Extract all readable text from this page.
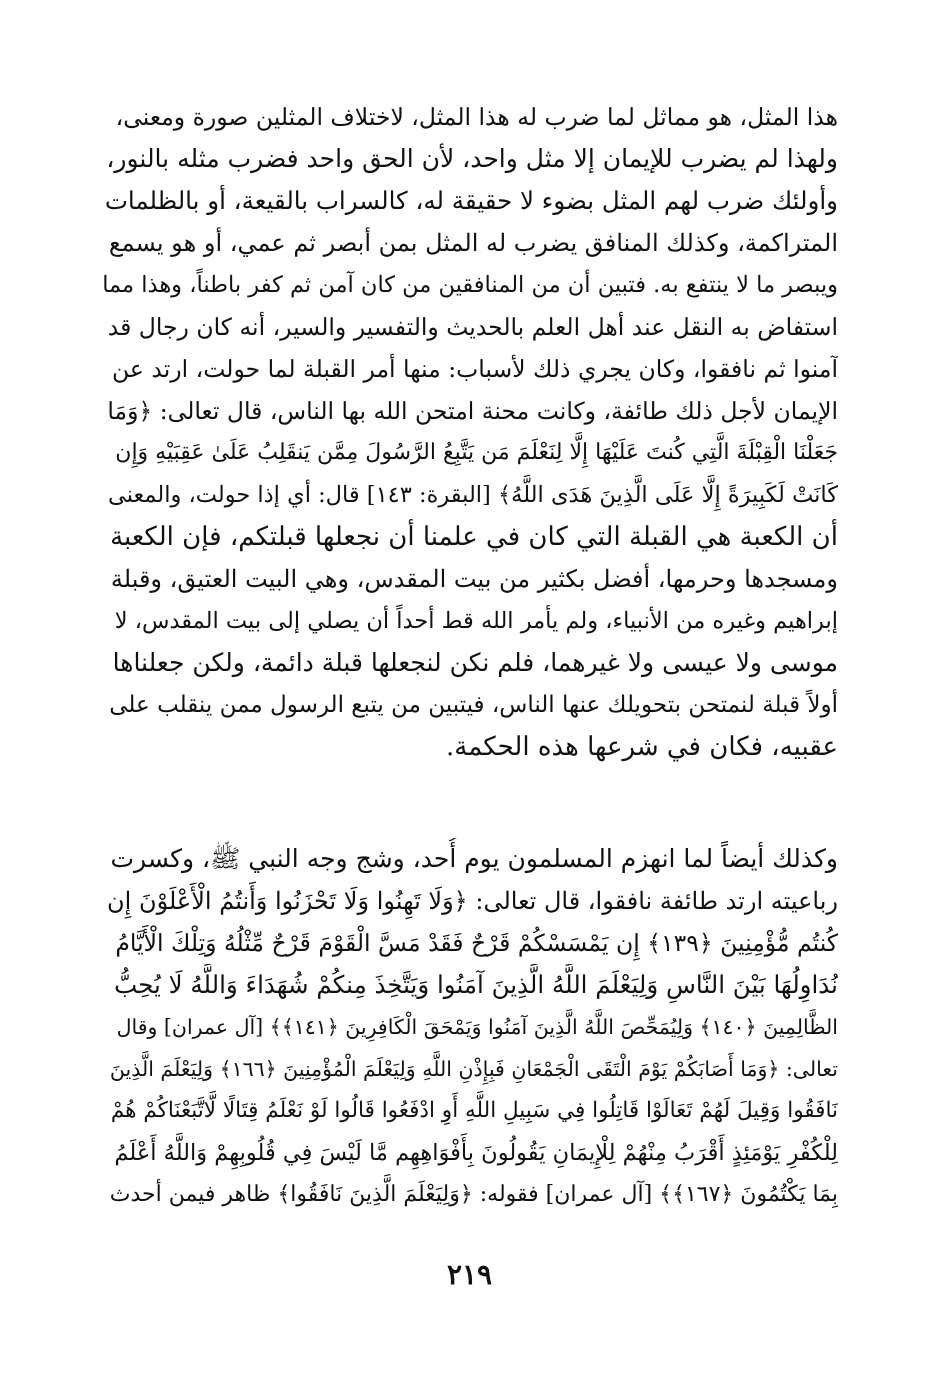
هذا المثل، هو مماثل لما ضرب له هذا المثل، لاختلاف المثلين صورة ومعنى،
ولهذا لم يضرب للإيمان إلا مثل واحد، لأن الحق واحد فضرب مثله بالنور،
وأولئك ضرب لهم المثل بضوء لا حقيقة له، كالسراب بالقيعة، أو بالظلمات
المتراكمة، وكذلك المنافق يضرب له المثل بمن أبصر ثم عمي، أو هو يسمع
ويبصر ما لا ينتفع به. فتبين أن من المنافقين من كان آمن ثم كفر باطناً، وهذا مما
استفاض به النقل عند أهل العلم بالحديث والتفسير والسير، أنه كان رجال قد
آمنوا ثم نافقوا، وكان يجري ذلك لأسباب: منها أمر القبلة لما حولت، ارتد عن
الإيمان لأجل ذلك طائفة، وكانت محنة امتحن الله بها الناس، قال تعالى: ﴿وَمَا
جَعَلْنَا الْقِبْلَةَ الَّتِي كُنتَ عَلَيْهَا إِلَّا لِنَعْلَمَ مَن يَتَّبِعُ الرَّسُولَ مِمَّن يَنقَلِبُ عَلَىٰ عَقِبَيْهِ وَإِن
كَانَتْ لَكَبِيرَةً إِلَّا عَلَى الَّذِينَ هَدَى اللَّهُ﴾ [البقرة: ١٤٣] قال: أي إذا حولت، والمعنى
أن الكعبة هي القبلة التي كان في علمنا أن نجعلها قبلتكم، فإن الكعبة
ومسجدها وحرمها، أفضل بكثير من بيت المقدس، وهي البيت العتيق، وقبلة
إبراهيم وغيره من الأنبياء، ولم يأمر الله قط أحداً أن يصلي إلى بيت المقدس، لا
موسى ولا عيسى ولا غيرهما، فلم نكن لنجعلها قبلة دائمة، ولكن جعلناها
أولاً قبلة لنمتحن بتحويلك عنها الناس، فيتبين من يتبع الرسول ممن ينقلب على
عقبيه، فكان في شرعها هذه الحكمة.
وكذلك أيضاً لما انهزم المسلمون يوم أُحد، وشج وجه النبي ﷺ، وكسرت
رباعيته ارتد طائفة نافقوا، قال تعالى: ﴿وَلَا تَهِنُوا وَلَا تَحْزَنُوا وَأَنتُمُ الْأَعْلَوْنَ إِن
كُنتُم مُّؤْمِنِينَ ﴿١٣٩﴾ إِن يَمْسَسْكُمْ قَرْحٌ فَقَدْ مَسَّ الْقَوْمَ قَرْحٌ مِّثْلُهُ وَتِلْكَ الْأَيَّامُ
نُدَاوِلُهَا بَيْنَ النَّاسِ وَلِيَعْلَمَ اللَّهُ الَّذِينَ آمَنُوا وَيَتَّخِذَ مِنكُمْ شُهَدَاءَ وَاللَّهُ لَا يُحِبُّ
الظَّالِمِينَ ﴿١٤٠﴾ وَلِيُمَحِّصَ اللَّهُ الَّذِينَ آمَنُوا وَيَمْحَقَ الْكَافِرِينَ ﴿١٤١﴾﴾ [آل عمران] وقال
تعالى: ﴿وَمَا أَصَابَكُمْ يَوْمَ الْتَقَى الْجَمْعَانِ فَبِإِذْنِ اللَّهِ وَلِيَعْلَمَ الْمُؤْمِنِينَ ﴿١٦٦﴾ وَلِيَعْلَمَ الَّذِينَ
نَافَقُوا وَقِيلَ لَهُمْ تَعَالَوْا قَاتِلُوا فِي سَبِيلِ اللَّهِ أَوِ ادْفَعُوا قَالُوا لَوْ نَعْلَمُ قِتَالًا لَّاتَّبَعْنَاكُمْ هُمْ
لِلْكُفْرِ يَوْمَئِذٍ أَقْرَبُ مِنْهُمْ لِلْإِيمَانِ يَقُولُونَ بِأَفْوَاهِهِم مَّا لَيْسَ فِي قُلُوبِهِمْ وَاللَّهُ أَعْلَمُ
بِمَا يَكْتُمُونَ ﴿١٦٧﴾﴾ [آل عمران] فقوله: ﴿وَلِيَعْلَمَ الَّذِينَ نَافَقُوا﴾ ظاهر فيمن أحدث
٢١٩
